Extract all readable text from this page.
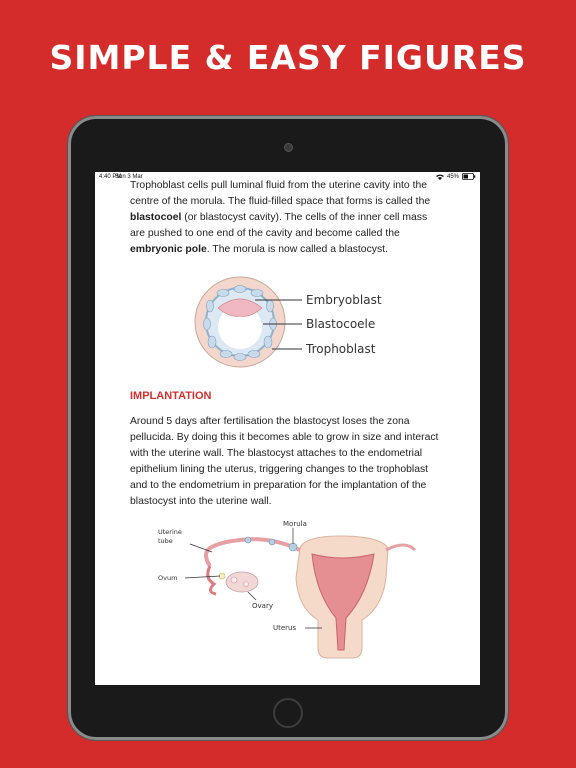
SIMPLE & EASY FIGURES
4:40 PM
Sun 3 Mar	45%

Trophoblast cells pull luminal fluid from the uterine cavity into the centre of the morula. The fluid-filled space that forms is called the blastocoel (or blastocyst cavity). The cells of the inner cell mass are pushed to one end of the cavity and become called the embryonic pole. The morula is now called a blastocyst.

Embryoblast
Blastocoele
Trophoblast
IMPLANTATION

Around 5 days after fertilisation the blastocyst loses the zona pellucida. By doing this it becomes able to grow in size and interact with the uterine wall. The blastocyst attaches to the endometrial epithelium lining the uterus, triggering changes to the trophoblast and to the endometrium in preparation for the implantation of the blastocyst into the uterine wall.

Morula
Uterine
tube
Ovum
Ovary
Uterus
